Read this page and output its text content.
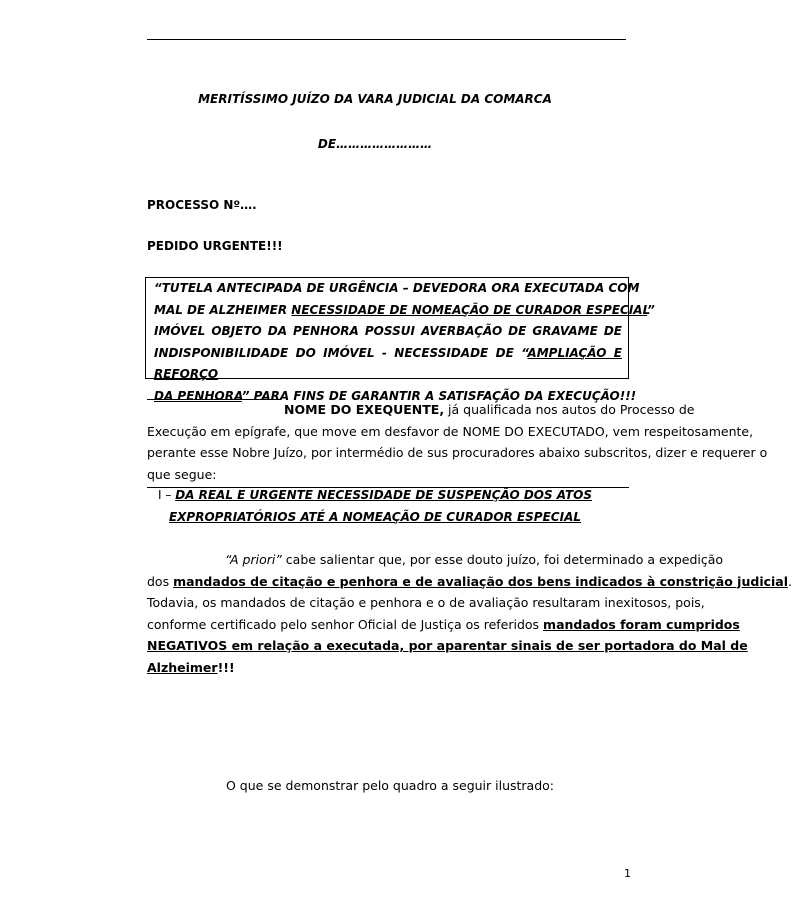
MERITÍSSIMO JUÍZO DA VARA JUDICIAL DA COMARCA
DE……………………
PROCESSO Nº….
PEDIDO URGENTE!!!
“TUTELA ANTECIPADA DE URGÊNCIA – DEVEDORA ORA EXECUTADA COM
MAL DE ALZHEIMER NECESSIDADE DE NOMEAÇÃO DE CURADOR ESPECIAL”
IMÓVEL OBJETO DA PENHORA POSSUI AVERBAÇÃO DE GRAVAME DE
INDISPONIBILIDADE DO IMÓVEL - NECESSIDADE DE “AMPLIAÇÃO E REFORÇO
DA PENHORA” PARA FINS DE GARANTIR A SATISFAÇÃO DA EXECUÇÃO!!!
NOME DO EXEQUENTE, já qualificada nos autos do Processo de
Execução em epígrafe, que move em desfavor de NOME DO EXECUTADO, vem respeitosamente,
perante esse Nobre Juízo, por intermédio de sus procuradores abaixo subscritos, dizer e requerer o
que segue:
I – DA REAL E URGENTE NECESSIDADE DE SUSPENÇÃO DOS ATOS
EXPROPRIATÓRIOS ATÉ A NOMEAÇÃO DE CURADOR ESPECIAL
“A priori” cabe salientar que, por esse douto juízo, foi determinado a expedição
dos mandados de citação e penhora e de avaliação dos bens indicados à constrição judicial.
Todavia, os mandados de citação e penhora e o de avaliação resultaram inexitosos, pois,
conforme certificado pelo senhor Oficial de Justiça os referidos mandados foram cumpridos
NEGATIVOS em relação a executada, por aparentar sinais de ser portadora do Mal de
Alzheimer!!!
O que se demonstrar pelo quadro a seguir ilustrado:
1
